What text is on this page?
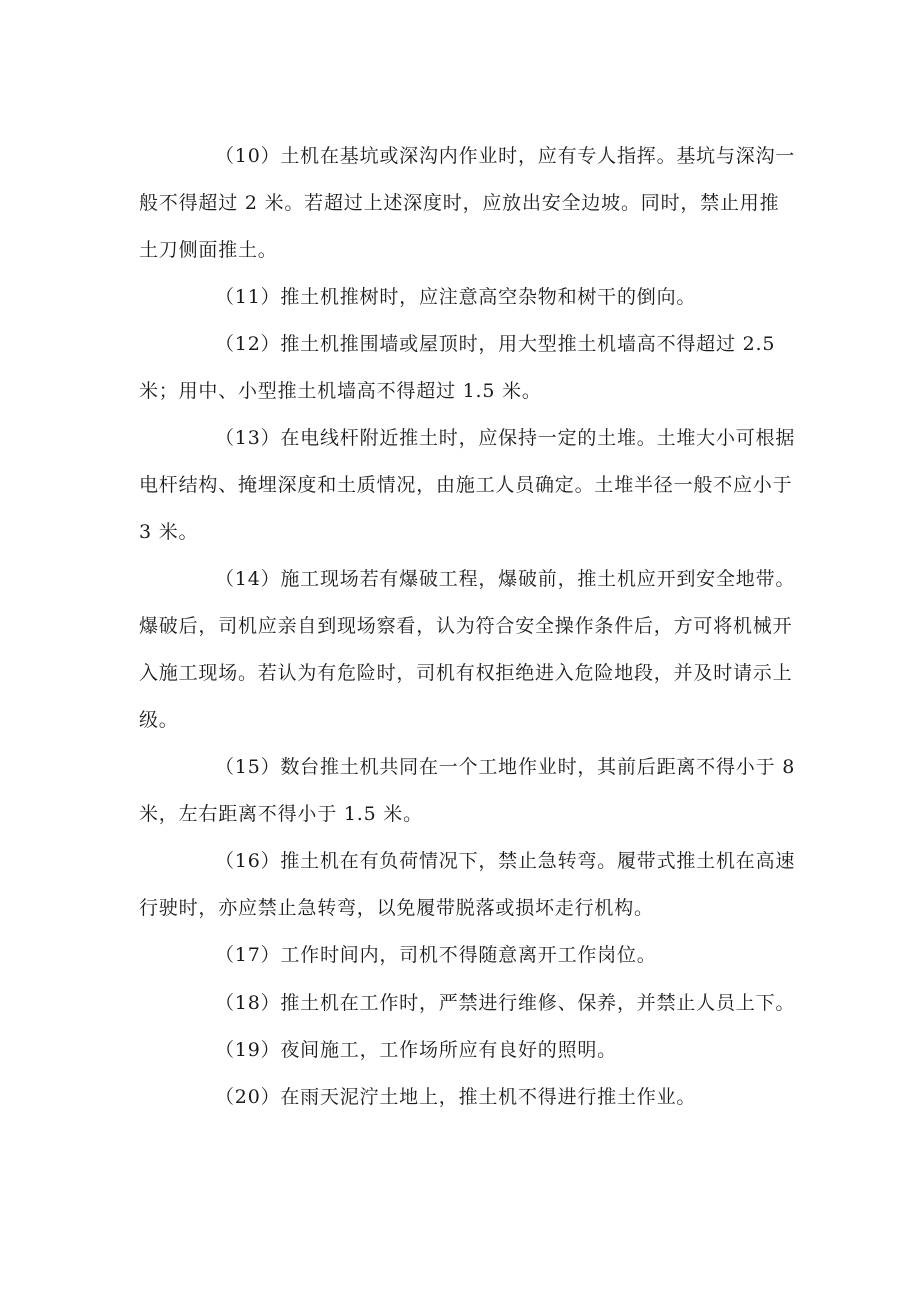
（10）土机在基坑或深沟内作业时，应有专人指挥。基坑与深沟一般不得超过 2 米。若超过上述深度时，应放出安全边坡。同时，禁止用推土刀侧面推土。

（11）推土机推树时，应注意高空杂物和树干的倒向。

（12）推土机推围墙或屋顶时，用大型推土机墙高不得超过 2.5 米；用中、小型推土机墙高不得超过 1.5 米。

（13）在电线杆附近推土时，应保持一定的土堆。土堆大小可根据电杆结构、掩埋深度和土质情况，由施工人员确定。土堆半径一般不应小于 3 米。

（14）施工现场若有爆破工程，爆破前，推土机应开到安全地带。爆破后，司机应亲自到现场察看，认为符合安全操作条件后，方可将机械开入施工现场。若认为有危险时，司机有权拒绝进入危险地段，并及时请示上级。

（15）数台推土机共同在一个工地作业时，其前后距离不得小于 8 米，左右距离不得小于 1.5 米。

（16）推土机在有负荷情况下，禁止急转弯。履带式推土机在高速行驶时，亦应禁止急转弯，以免履带脱落或损坏走行机构。

（17）工作时间内，司机不得随意离开工作岗位。

（18）推土机在工作时，严禁进行维修、保养，并禁止人员上下。

（19）夜间施工，工作场所应有良好的照明。

（20）在雨天泥泞土地上，推土机不得进行推土作业。
